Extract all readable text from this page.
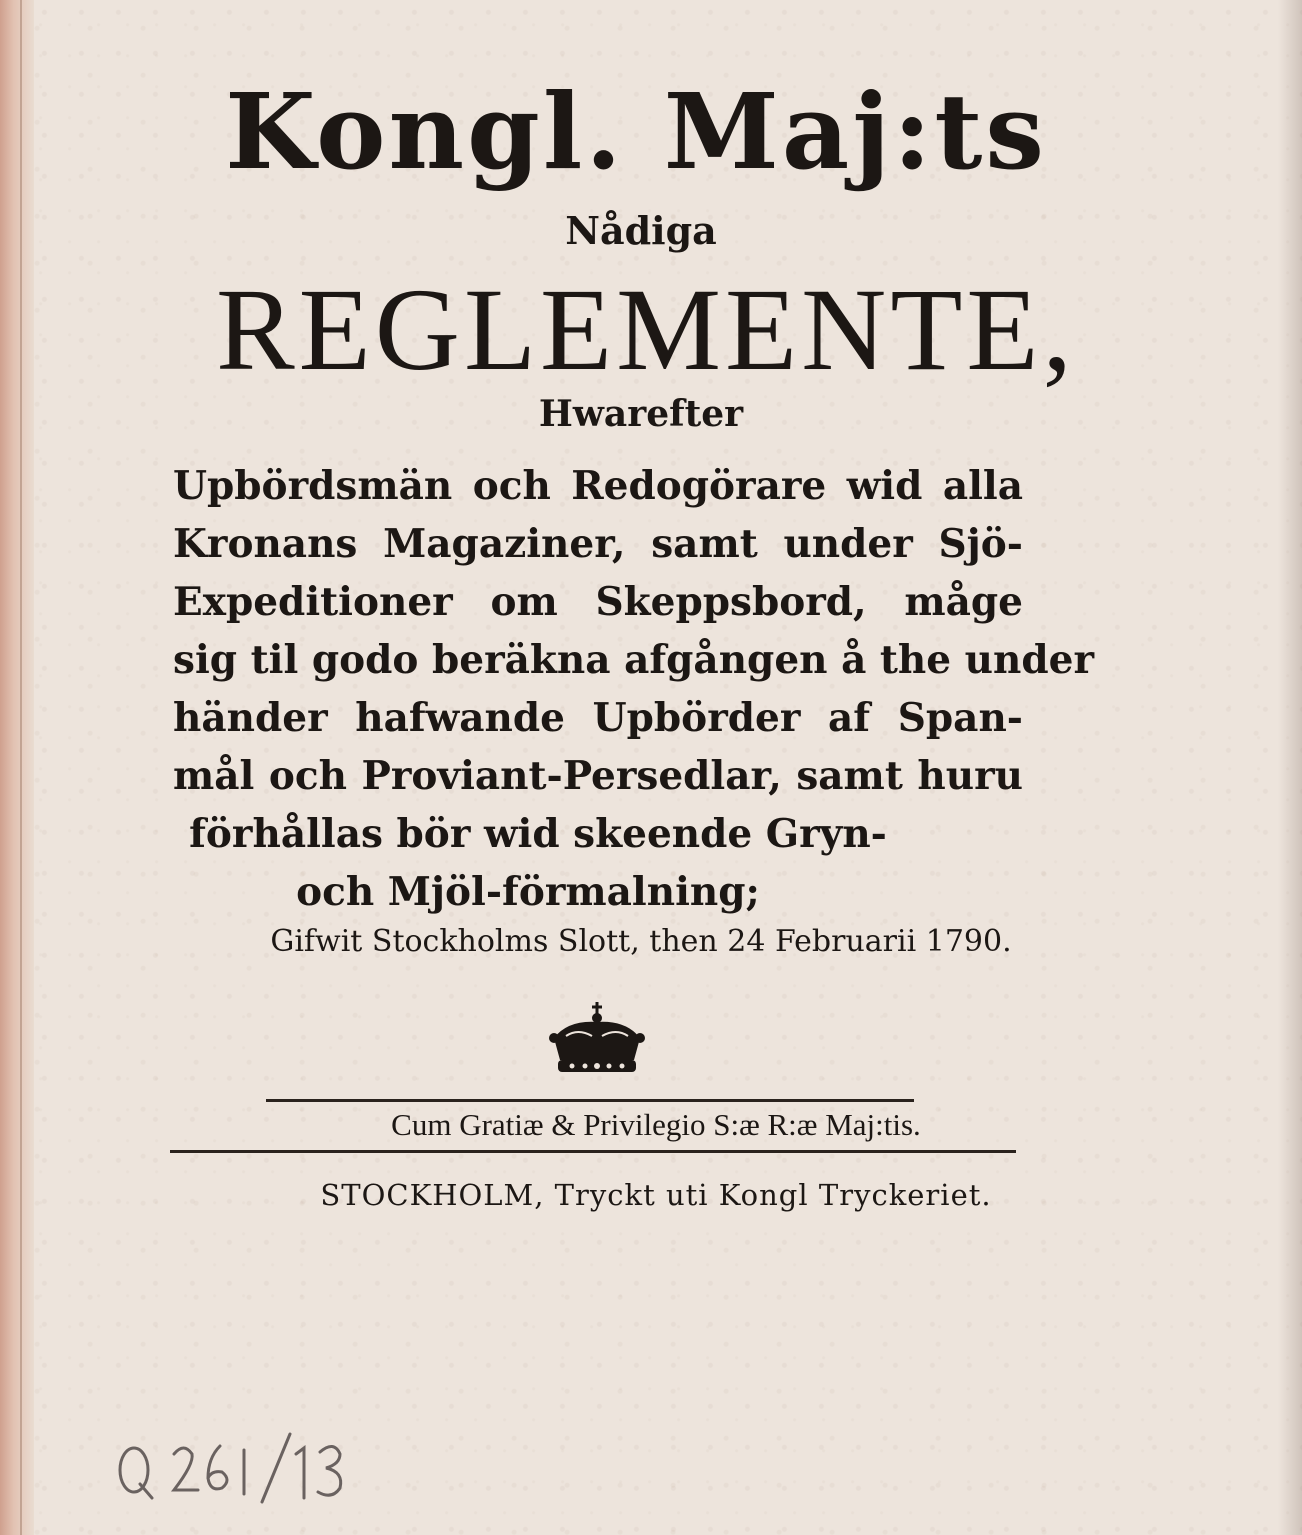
Kongl. Maj:ts
Nådiga
REGLEMENTE,
Hwarefter
Upbördsmän och Redogörare wid alla
Kronans Magaziner, samt under Sjö-
Expeditioner om Skeppsbord, måge
sig til godo beräkna afgången å the under
händer hafwande Upbörder af Span-
mål och Proviant-Persedlar, samt huru
förhållas bör wid skeende Gryn-
och Mjöl-förmalning;
Gifwit Stockholms Slott, then 24 Februarii 1790.
Cum Gratiæ & Privilegio S:æ R:æ Maj:tis.
STOCKHOLM, Tryckt uti Kongl Tryckeriet.
